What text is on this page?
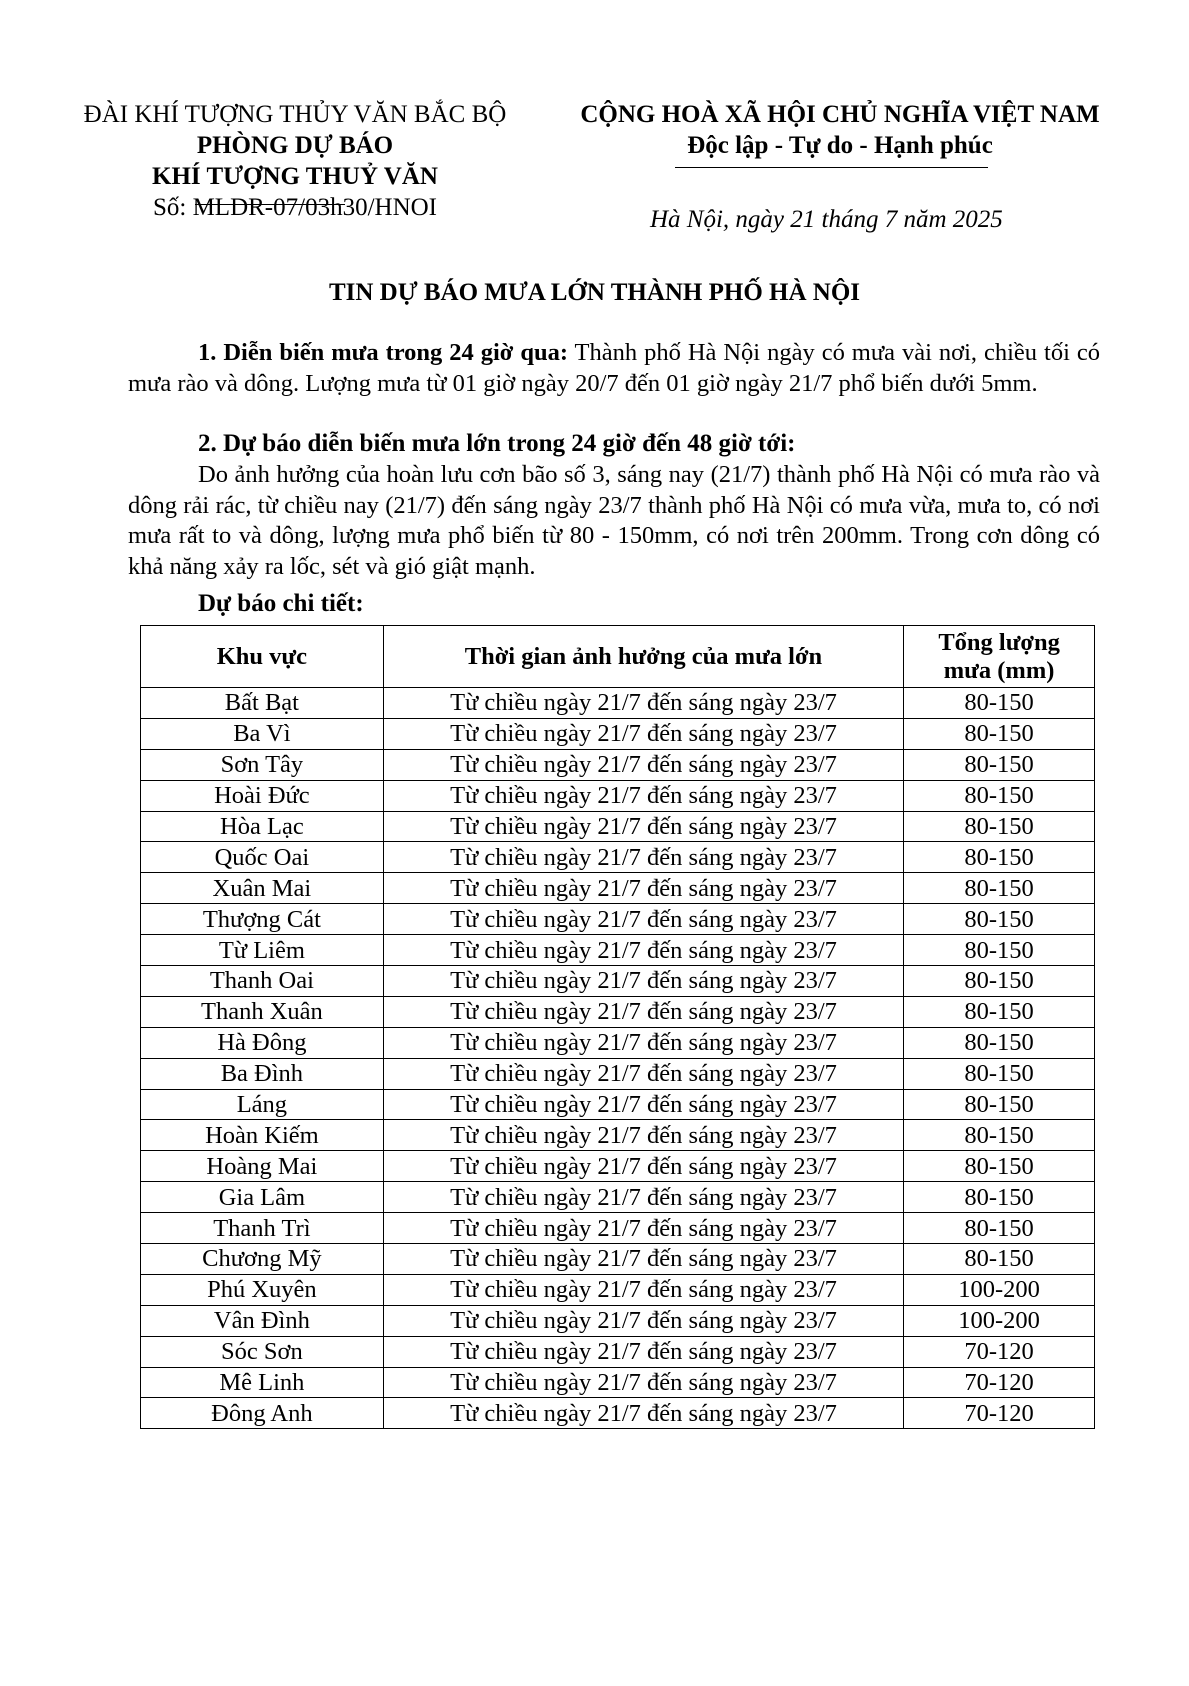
ĐÀI KHÍ TƯỢNG THỦY VĂN BẮC BỘ
PHÒNG DỰ BÁO
KHÍ TƯỢNG THUỶ VĂN
Số: MLDR-07/03h30/HNOI
CỘNG HOÀ XÃ HỘI CHỦ NGHĨA VIỆT NAM
Độc lập - Tự do - Hạnh phúc
Hà Nội, ngày 21 tháng 7 năm 2025
TIN DỰ BÁO MƯA LỚN THÀNH PHỐ HÀ NỘI
1. Diễn biến mưa trong 24 giờ qua: Thành phố Hà Nội ngày có mưa vài nơi, chiều tối có mưa rào và dông. Lượng mưa từ 01 giờ ngày 20/7 đến 01 giờ ngày 21/7 phổ biến dưới 5mm.
2. Dự báo diễn biến mưa lớn trong 24 giờ đến 48 giờ tới:
Do ảnh hưởng của hoàn lưu cơn bão số 3, sáng nay (21/7) thành phố Hà Nội có mưa rào và dông rải rác, từ chiều nay (21/7) đến sáng ngày 23/7 thành phố Hà Nội có mưa vừa, mưa to, có nơi mưa rất to và dông, lượng mưa phổ biến từ 80 - 150mm, có nơi trên 200mm. Trong cơn dông có khả năng xảy ra lốc, sét và gió giật mạnh.
Dự báo chi tiết:
Khu vực	Thời gian ảnh hưởng của mưa lớn	Tổng lượng
mưa (mm)
Bất Bạt	Từ chiều ngày 21/7 đến sáng ngày 23/7	80-150
Ba Vì	Từ chiều ngày 21/7 đến sáng ngày 23/7	80-150
Sơn Tây	Từ chiều ngày 21/7 đến sáng ngày 23/7	80-150
Hoài Đức	Từ chiều ngày 21/7 đến sáng ngày 23/7	80-150
Hòa Lạc	Từ chiều ngày 21/7 đến sáng ngày 23/7	80-150
Quốc Oai	Từ chiều ngày 21/7 đến sáng ngày 23/7	80-150
Xuân Mai	Từ chiều ngày 21/7 đến sáng ngày 23/7	80-150
Thượng Cát	Từ chiều ngày 21/7 đến sáng ngày 23/7	80-150
Từ Liêm	Từ chiều ngày 21/7 đến sáng ngày 23/7	80-150
Thanh Oai	Từ chiều ngày 21/7 đến sáng ngày 23/7	80-150
Thanh Xuân	Từ chiều ngày 21/7 đến sáng ngày 23/7	80-150
Hà Đông	Từ chiều ngày 21/7 đến sáng ngày 23/7	80-150
Ba Đình	Từ chiều ngày 21/7 đến sáng ngày 23/7	80-150
Láng	Từ chiều ngày 21/7 đến sáng ngày 23/7	80-150
Hoàn Kiếm	Từ chiều ngày 21/7 đến sáng ngày 23/7	80-150
Hoàng Mai	Từ chiều ngày 21/7 đến sáng ngày 23/7	80-150
Gia Lâm	Từ chiều ngày 21/7 đến sáng ngày 23/7	80-150
Thanh Trì	Từ chiều ngày 21/7 đến sáng ngày 23/7	80-150
Chương Mỹ	Từ chiều ngày 21/7 đến sáng ngày 23/7	80-150
Phú Xuyên	Từ chiều ngày 21/7 đến sáng ngày 23/7	100-200
Vân Đình	Từ chiều ngày 21/7 đến sáng ngày 23/7	100-200
Sóc Sơn	Từ chiều ngày 21/7 đến sáng ngày 23/7	70-120
Mê Linh	Từ chiều ngày 21/7 đến sáng ngày 23/7	70-120
Đông Anh	Từ chiều ngày 21/7 đến sáng ngày 23/7	70-120
